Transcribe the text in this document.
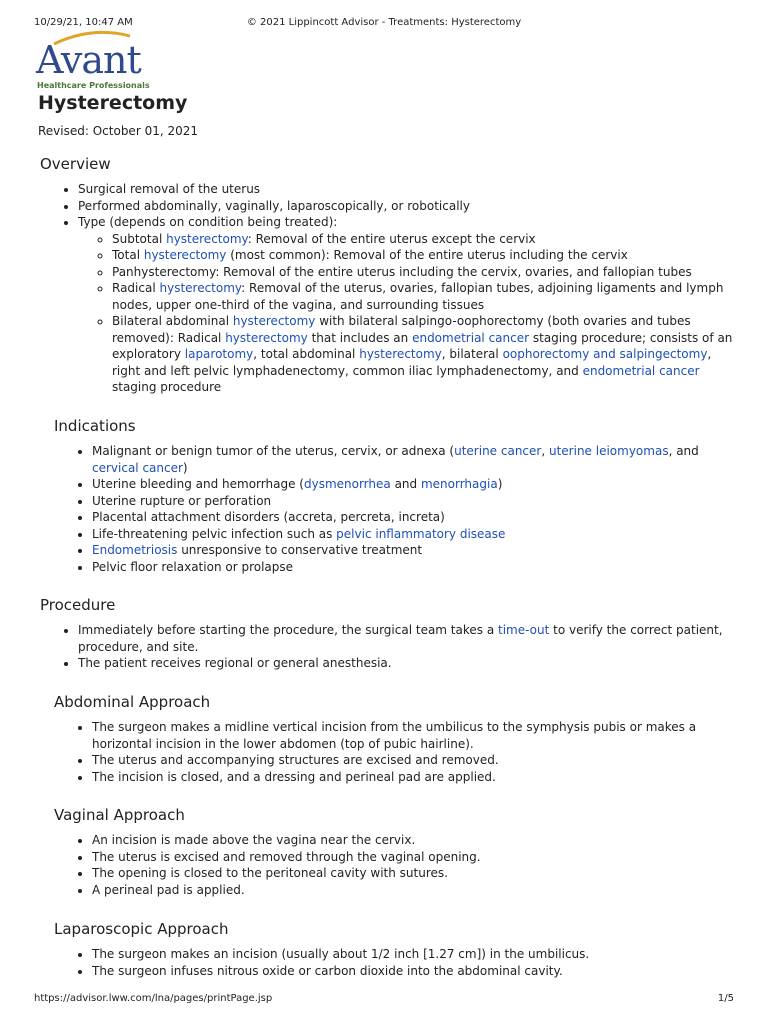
10/29/21, 10:47 AM	© 2021 Lippincott Advisor - Treatments: Hysterectomy
Avant
Healthcare Professionals
Hysterectomy

Revised: October 01, 2021

Overview
• Surgical removal of the uterus
• Performed abdominally, vaginally, laparoscopically, or robotically
• Type (depends on condition being treated):
◦ Subtotal hysterectomy: Removal of the entire uterus except the cervix
◦ Total hysterectomy (most common): Removal of the entire uterus including the cervix
◦ Panhysterectomy: Removal of the entire uterus including the cervix, ovaries, and fallopian tubes
◦ Radical hysterectomy: Removal of the uterus, ovaries, fallopian tubes, adjoining ligaments and lymph nodes, upper one-third of the vagina, and surrounding tissues
◦ Bilateral abdominal hysterectomy with bilateral salpingo-oophorectomy (both ovaries and tubes removed): Radical hysterectomy that includes an endometrial cancer staging procedure; consists of an exploratory laparotomy, total abdominal hysterectomy, bilateral oophorectomy and salpingectomy, right and left pelvic lymphadenectomy, common iliac lymphadenectomy, and endometrial cancer staging procedure
Indications
• Malignant or benign tumor of the uterus, cervix, or adnexa (uterine cancer, uterine leiomyomas, and cervical cancer)
• Uterine bleeding and hemorrhage (dysmenorrhea and menorrhagia)
• Uterine rupture or perforation
• Placental attachment disorders (accreta, percreta, increta)
• Life-threatening pelvic infection such as pelvic inflammatory disease
• Endometriosis unresponsive to conservative treatment
• Pelvic floor relaxation or prolapse
Procedure
• Immediately before starting the procedure, the surgical team takes a time-out to verify the correct patient, procedure, and site.
• The patient receives regional or general anesthesia.
Abdominal Approach
• The surgeon makes a midline vertical incision from the umbilicus to the symphysis pubis or makes a horizontal incision in the lower abdomen (top of pubic hairline).
• The uterus and accompanying structures are excised and removed.
• The incision is closed, and a dressing and perineal pad are applied.
Vaginal Approach
• An incision is made above the vagina near the cervix.
• The uterus is excised and removed through the vaginal opening.
• The opening is closed to the peritoneal cavity with sutures.
• A perineal pad is applied.
Laparoscopic Approach
• The surgeon makes an incision (usually about 1/2 inch [1.27 cm]) in the umbilicus.
• The surgeon infuses nitrous oxide or carbon dioxide into the abdominal cavity.
https://advisor.lww.com/lna/pages/printPage.jsp	1/5
